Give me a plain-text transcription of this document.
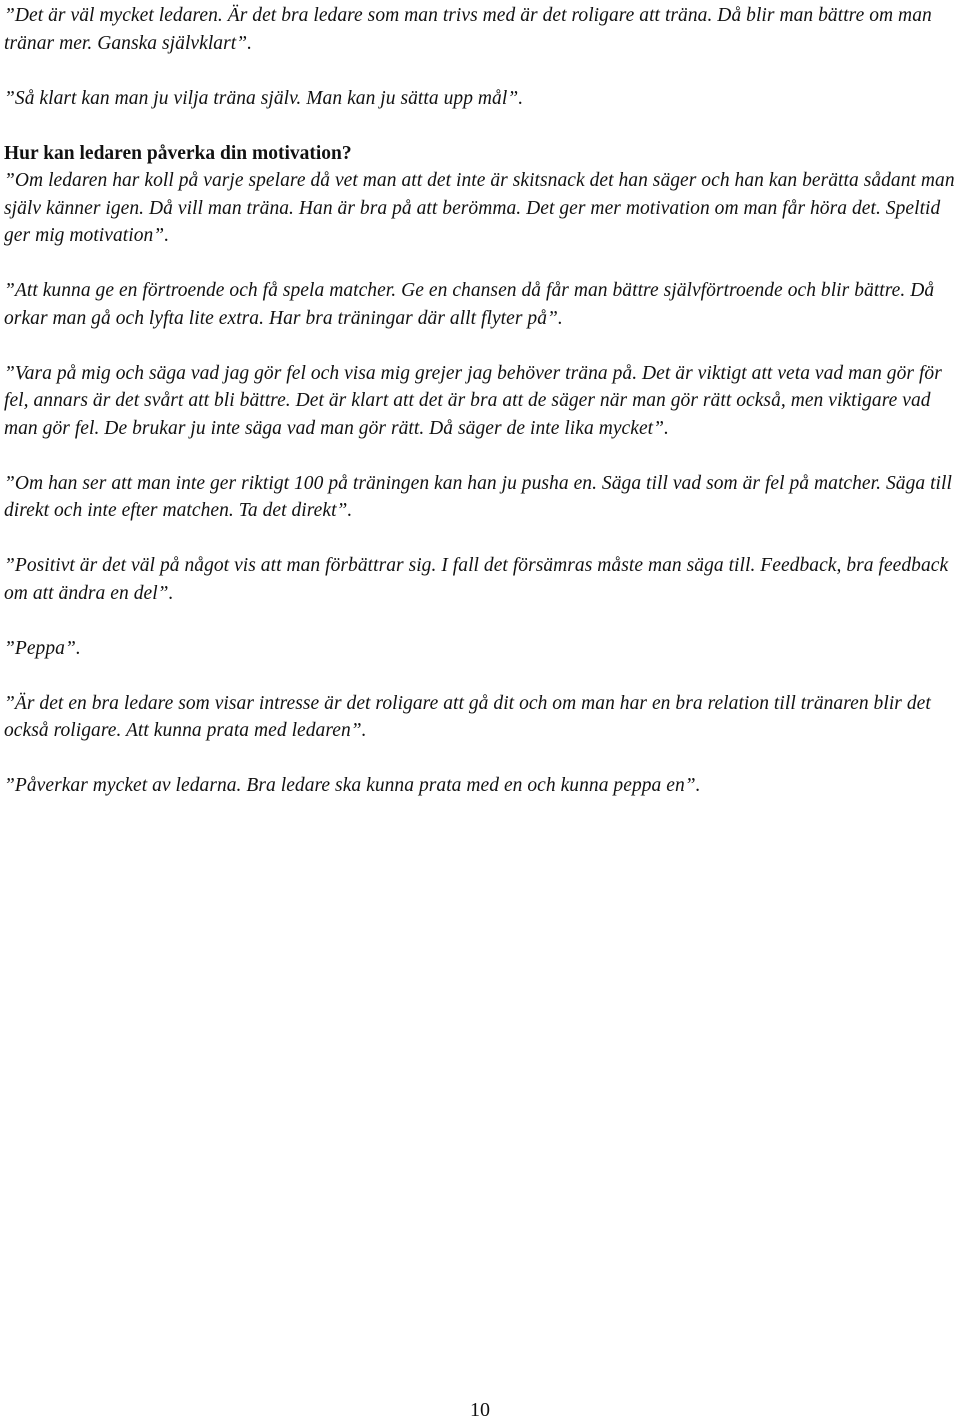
”Det är väl mycket ledaren. Är det bra ledare som man trivs med är det roligare att träna. Då blir man bättre om man tränar mer. Ganska självklart”.

”Så klart kan man ju vilja träna själv. Man kan ju sätta upp mål”.

Hur kan ledaren påverka din motivation?

”Om ledaren har koll på varje spelare då vet man att det inte är skitsnack det han säger och han kan berätta sådant man själv känner igen. Då vill man träna. Han är bra på att berömma. Det ger mer motivation om man får höra det. Speltid ger mig motivation”.

”Att kunna ge en förtroende och få spela matcher. Ge en chansen då får man bättre självförtroende och blir bättre. Då orkar man gå och lyfta lite extra. Har bra träningar där allt flyter på”.

”Vara på mig och säga vad jag gör fel och visa mig grejer jag behöver träna på. Det är viktigt att veta vad man gör för fel, annars är det svårt att bli bättre. Det är klart att det är bra att de säger när man gör rätt också, men viktigare vad man gör fel. De brukar ju inte säga vad man gör rätt. Då säger de inte lika mycket”.

”Om han ser att man inte ger riktigt 100 på träningen kan han ju pusha en. Säga till vad som är fel på matcher. Säga till direkt och inte efter matchen. Ta det direkt”.

”Positivt är det väl på något vis att man förbättrar sig. I fall det försämras måste man säga till. Feedback, bra feedback om att ändra en del”.

”Peppa”.

”Är det en bra ledare som visar intresse är det roligare att gå dit och om man har en bra relation till tränaren blir det också roligare. Att kunna prata med ledaren”.

”Påverkar mycket av ledarna. Bra ledare ska kunna prata med en och kunna peppa en”.

10
